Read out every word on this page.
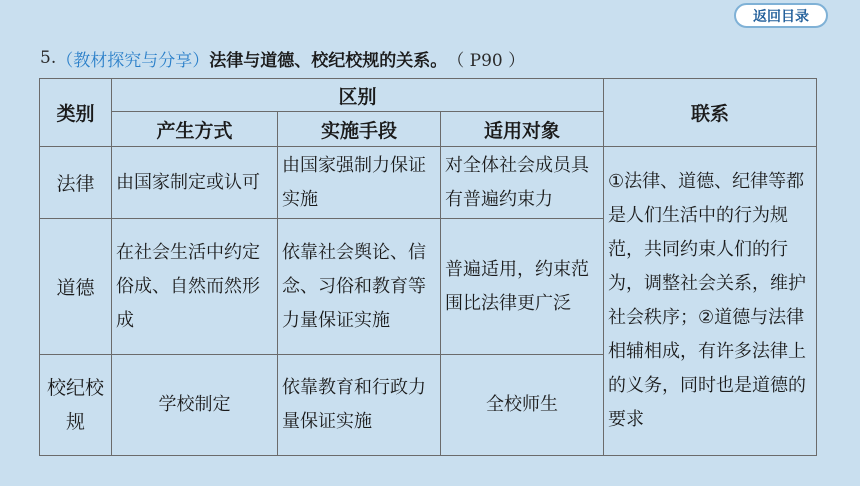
返回目录
5. （教材探究与分享） 法律与道德、校纪校规的关系。 （ P90 ）
类别	区别			联系
	产生方式	实施手段	适用对象	
法律	由国家制定或认可	由国家强制力保证实施	对全体社会成员具有普遍约束力	①法律、道德、纪律等都是人们生活中的行为规范，共同约束人们的行为，调整社会关系，维护社会秩序；②道德与法律相辅相成，有许多法律上的义务，同时也是道德的要求
道德	在社会生活中约定俗成、自然而然形成	依靠社会舆论、信念、习俗和教育等力量保证实施	普遍适用，约束范围比法律更广泛	
校纪校规	学校制定	依靠教育和行政力量保证实施	全校师生	
